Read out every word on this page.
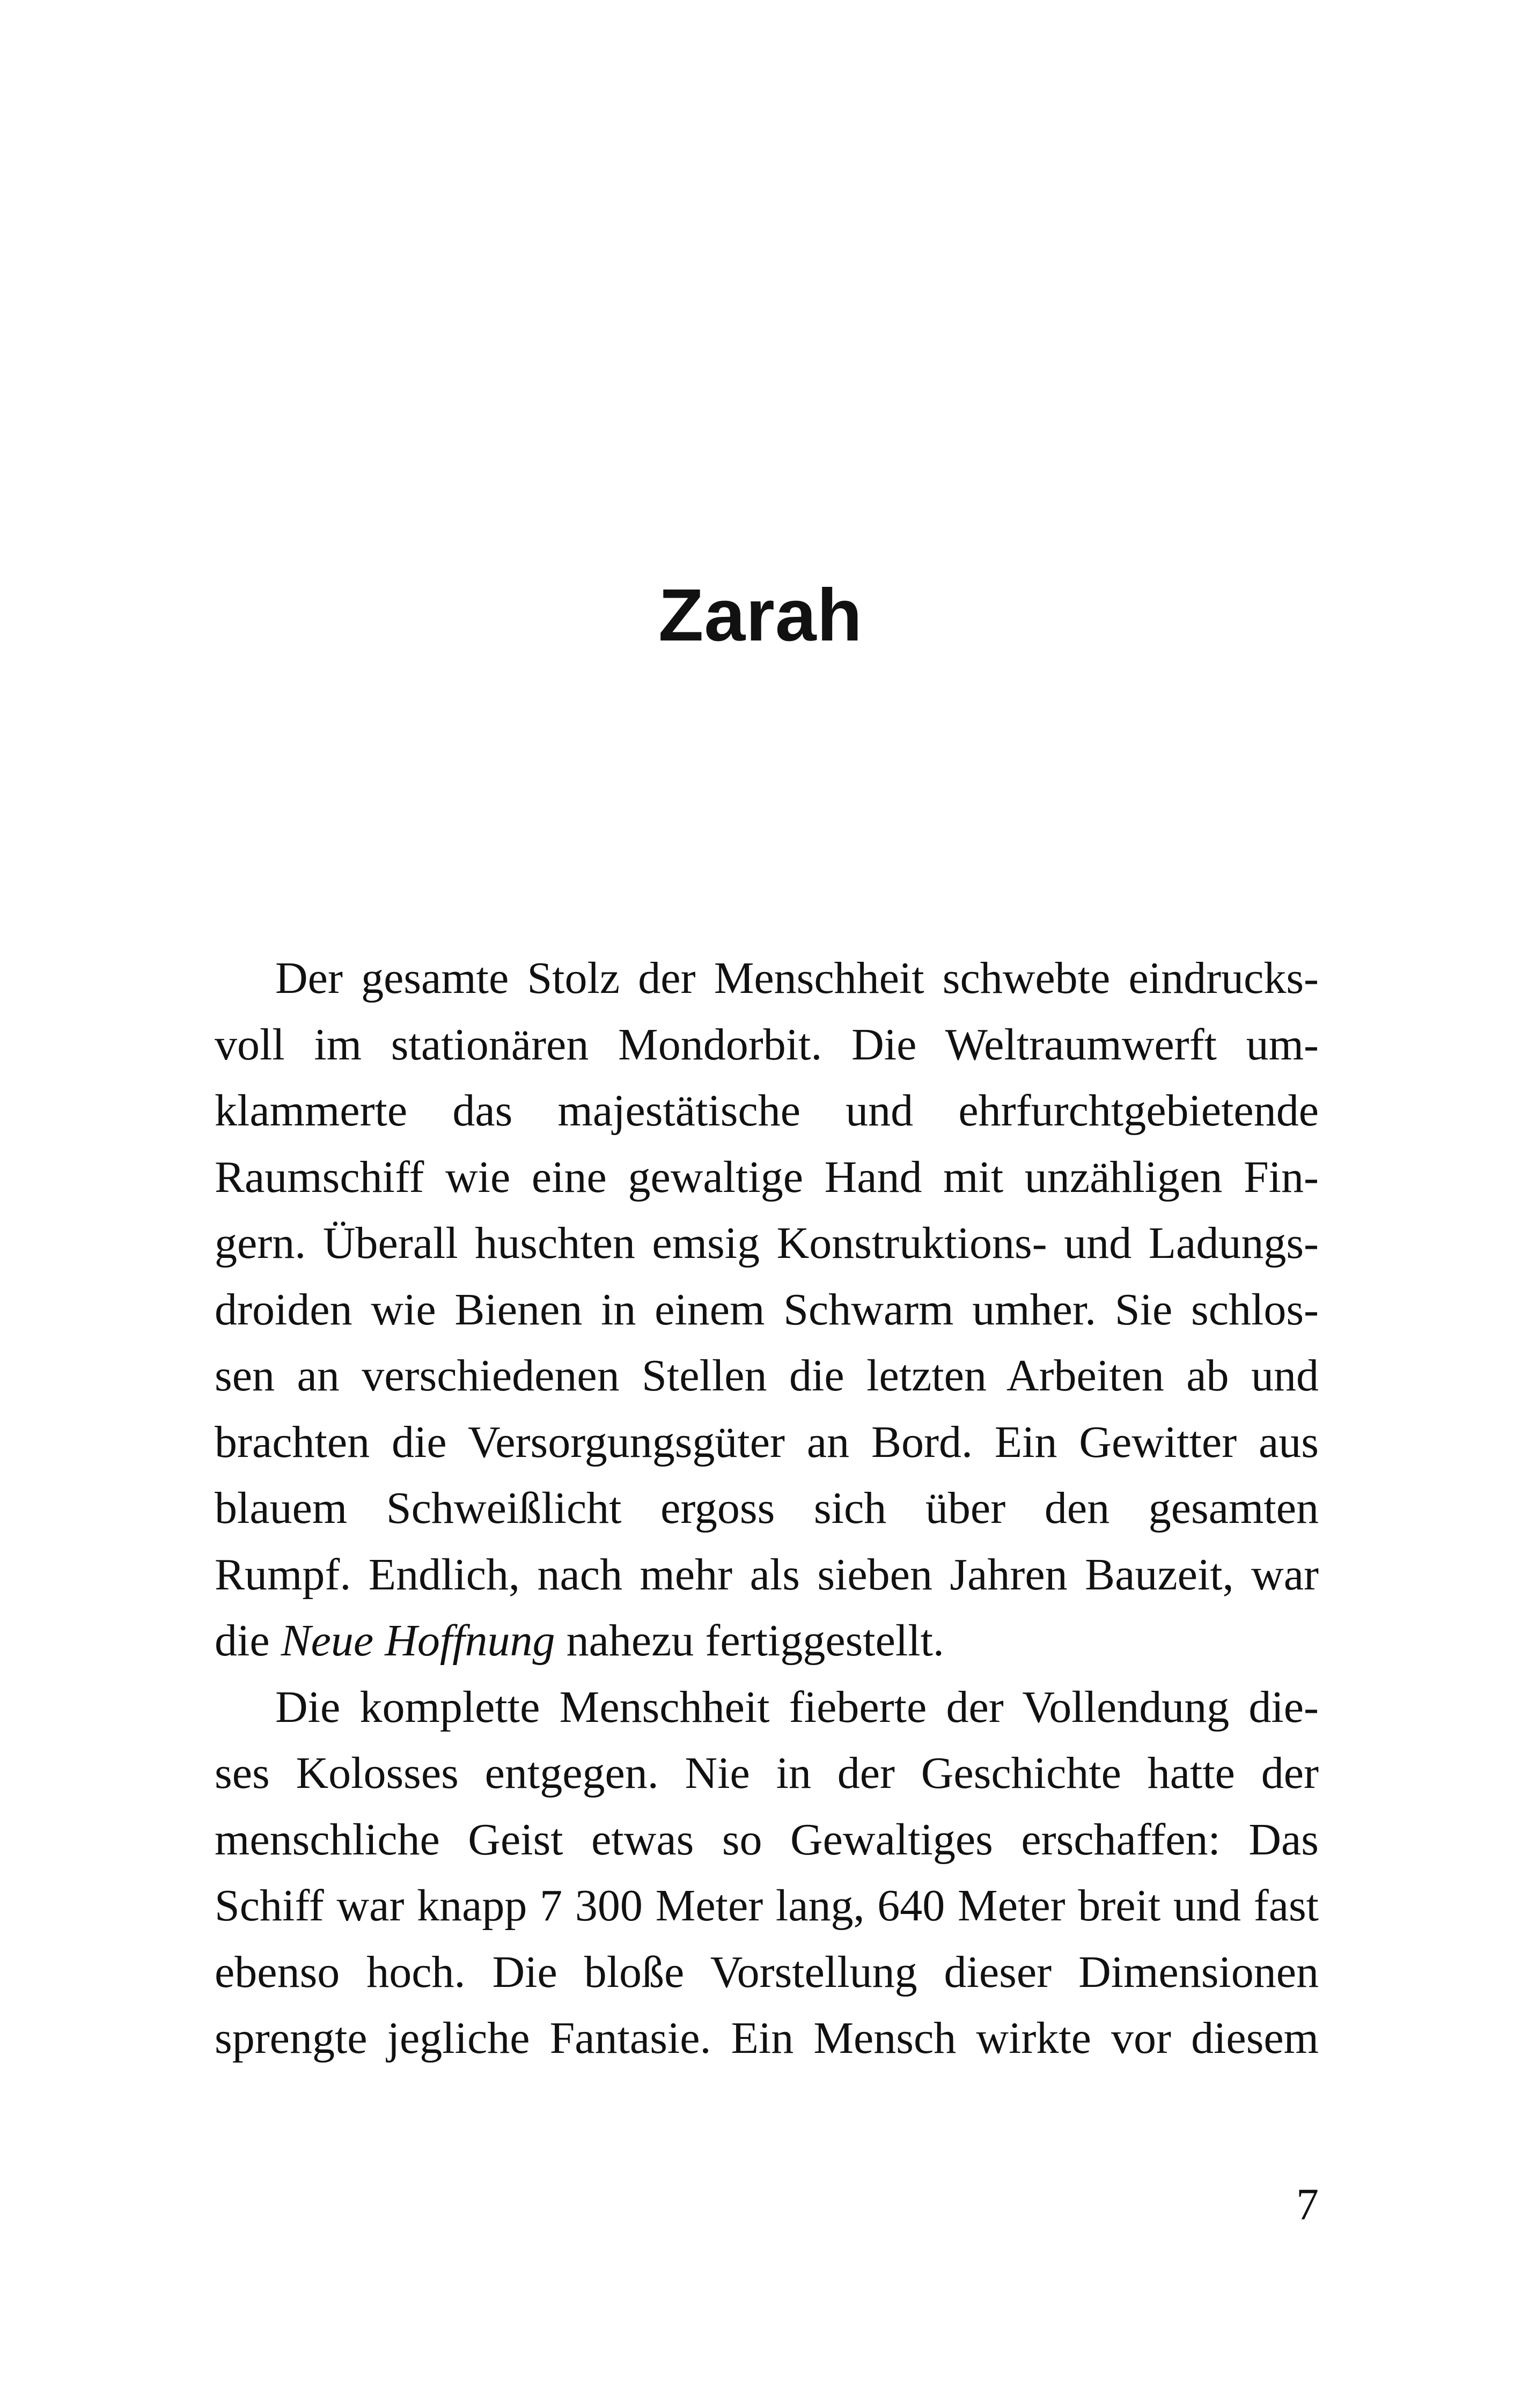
Zarah
Der gesamte Stolz der Menschheit schwebte eindrucks-
voll im stationären Mondorbit. Die Weltraumwerft um-
klammerte das majestätische und ehrfurchtgebietende
Raumschiff wie eine gewaltige Hand mit unzähligen Fin-
gern. Überall huschten emsig Konstruktions- und Ladungs-
droiden wie Bienen in einem Schwarm umher. Sie schlos-
sen an verschiedenen Stellen die letzten Arbeiten ab und
brachten die Versorgungsgüter an Bord. Ein Gewitter aus
blauem Schweißlicht ergoss sich über den gesamten
Rumpf. Endlich, nach mehr als sieben Jahren Bauzeit, war
die Neue Hoffnung nahezu fertiggestellt.
Die komplette Menschheit fieberte der Vollendung die-
ses Kolosses entgegen. Nie in der Geschichte hatte der
menschliche Geist etwas so Gewaltiges erschaffen: Das
Schiff war knapp 7 300 Meter lang, 640 Meter breit und fast
ebenso hoch. Die bloße Vorstellung dieser Dimensionen
sprengte jegliche Fantasie. Ein Mensch wirkte vor diesem
7
